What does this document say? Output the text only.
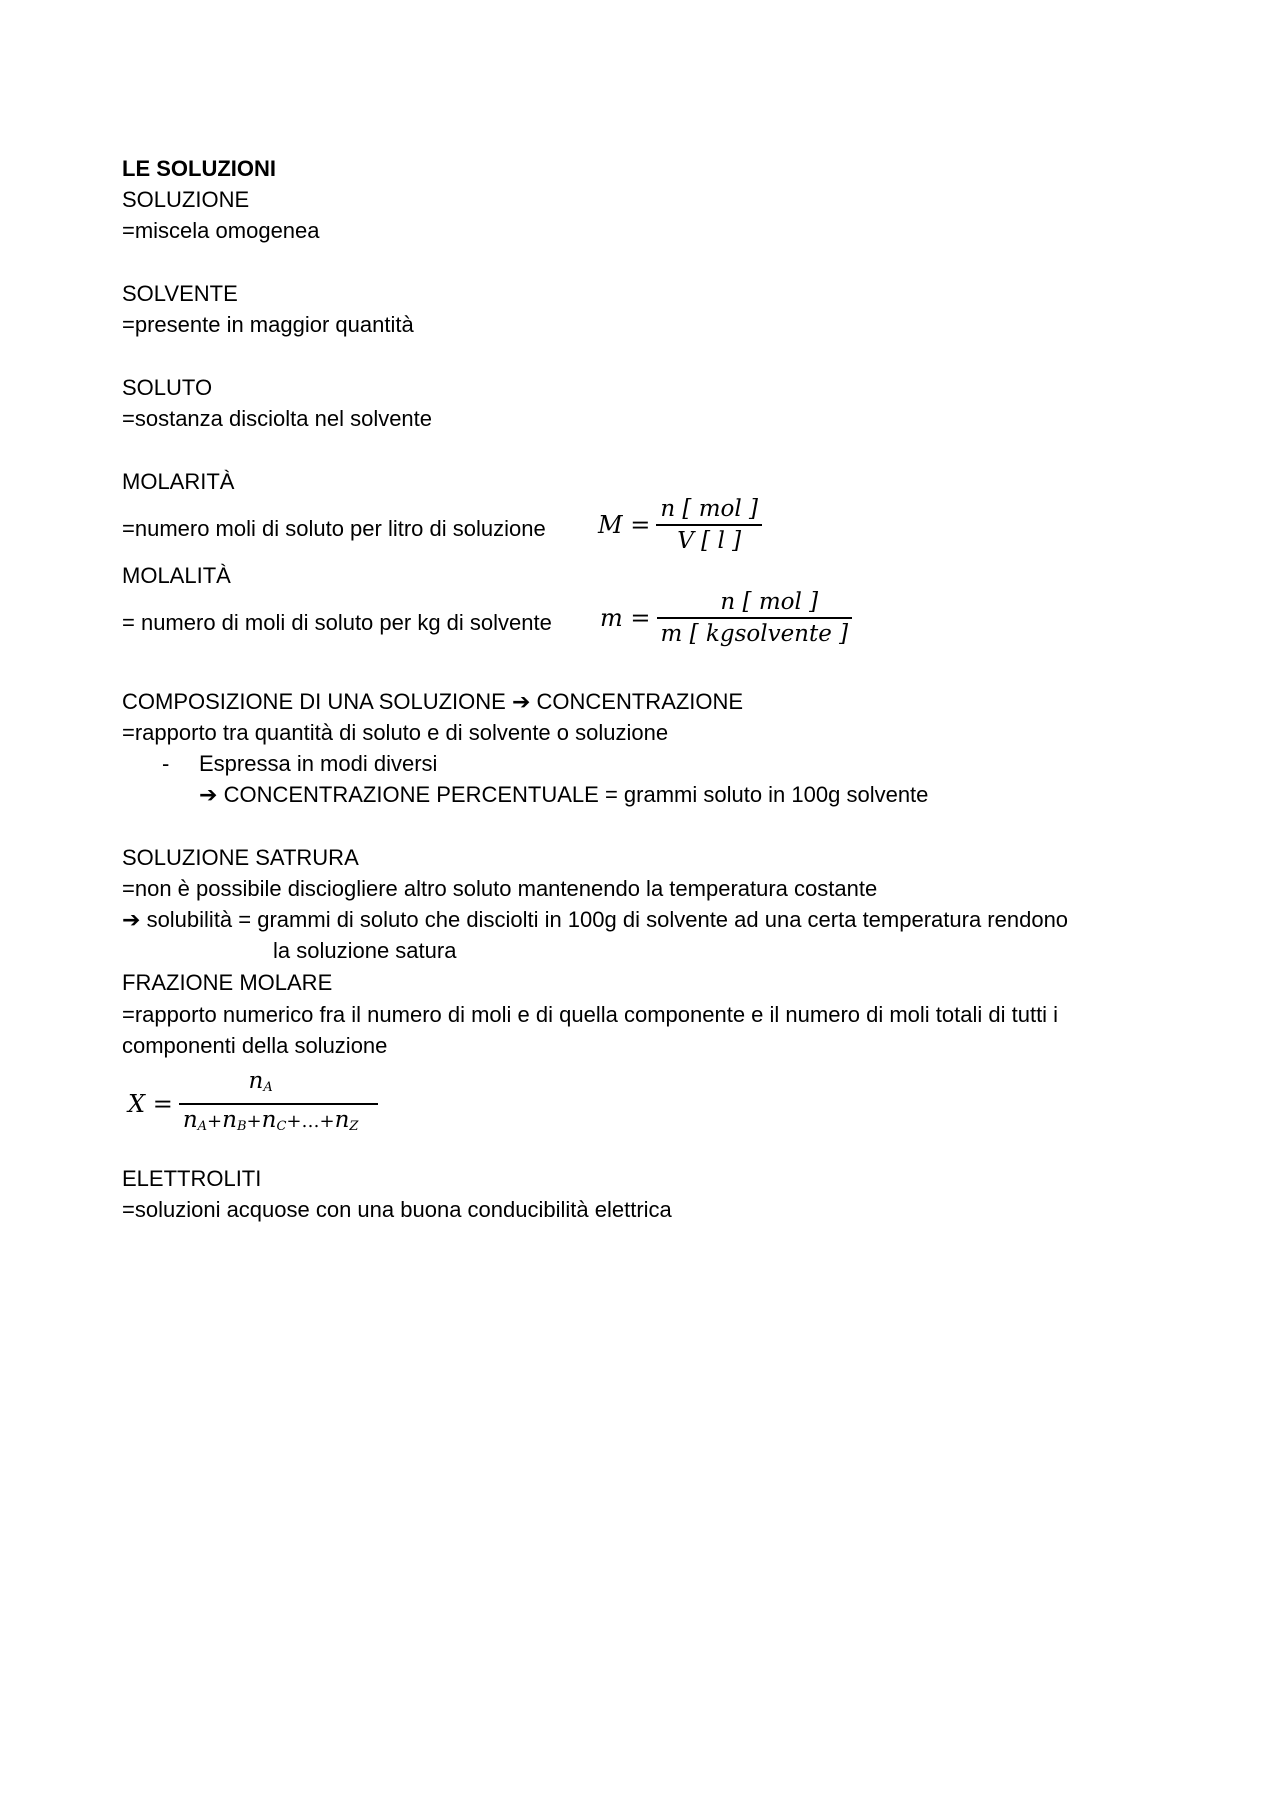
LE SOLUZIONI
SOLUZIONE
=miscela omogenea
SOLVENTE
=presente in maggior quantità
SOLUTO
=sostanza disciolta nel solvente
MOLARITÀ
=numero moli di soluto per litro di soluzione $M = \frac{\text{n [ mol ]}}{V [ l ]}$
MOLALITÀ
= numero di moli di soluto per kg di solvente $m = \frac{\text{n [ mol ]}}{\text{m [ kgsolvente ]}}$
COMPOSIZIONE DI UNA SOLUZIONE ➔ CONCENTRAZIONE
=rapporto tra quantità di soluto e di solvente o soluzione
- Espressa in modi diversi
➔ CONCENTRAZIONE PERCENTUALE = grammi soluto in 100g solvente
SOLUZIONE SATRURA
=non è possibile disciogliere altro soluto mantenendo la temperatura costante
➔ solubilità = grammi di soluto che disciolti in 100g di solvente ad una certa temperatura rendono
la soluzione satura
FRAZIONE MOLARE
=rapporto numerico fra il numero di moli e di quella componente e il numero di moli totali di tutti i
componenti della soluzione
$X = \frac{n_A}{n_A+n_B+n_C+\dots+n_Z}$
ELETTROLITI
=soluzioni acquose con una buona conducibilità elettrica
